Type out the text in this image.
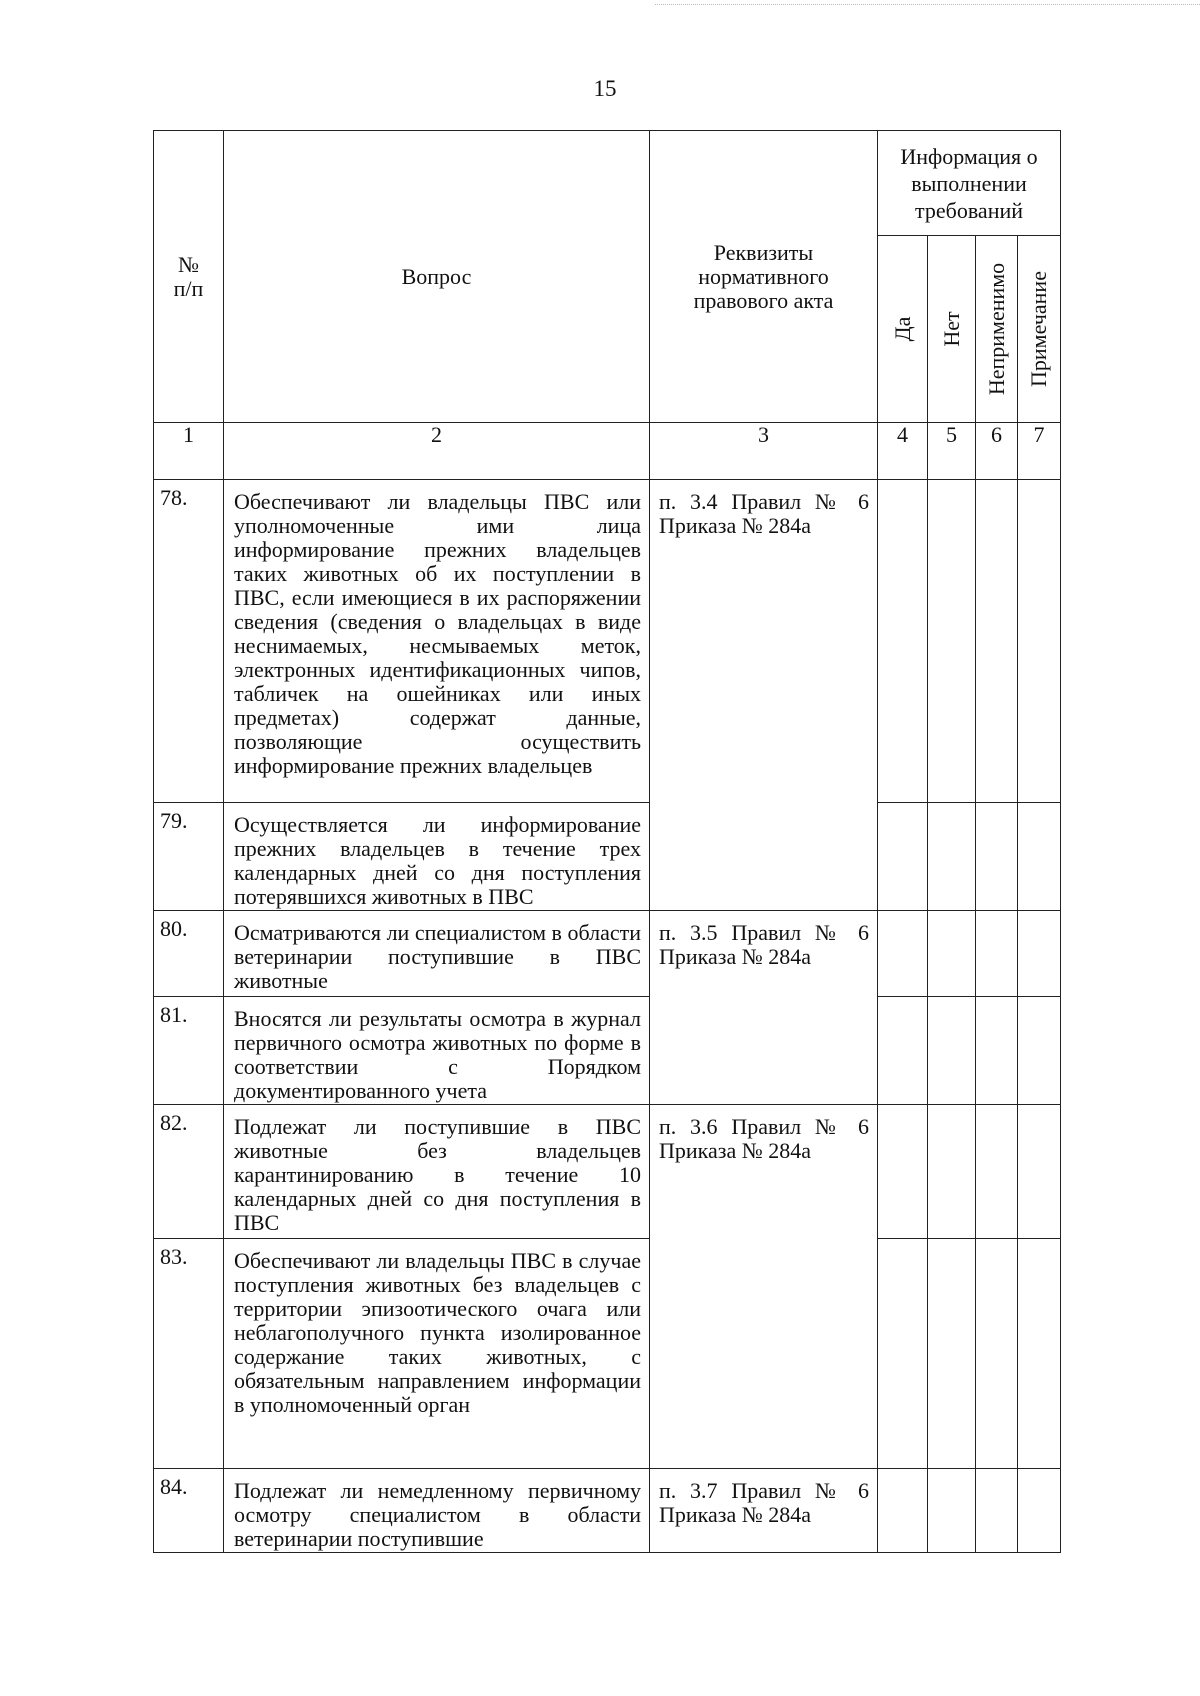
15
№
п/п	Вопрос	Реквизиты нормативного правового акта	Информация о выполнении требований			

			Да	Нет	Неприменимо	Примечание

1	2	3	4	5	6	7
78.	Обеспечивают ли владельцы ПВС или уполномоченные ими лица информирование прежних владельцев таких животных об их поступлении в ПВС, если имеющиеся в их распоряжении сведения (сведения о владельцах в виде неснимаемых, несмываемых меток, электронных идентификационных чипов, табличек на ошейниках или иных предметах) содержат данные, позволяющие осуществить информирование прежних владельцев	п. 3.4 Правил № 6 Приказа № 284а				
79.	Осуществляется ли информирование прежних владельцев в течение трех календарных дней со дня поступления потерявшихся животных в ПВС					
80.	Осматриваются ли специалистом в области ветеринарии поступившие в ПВС животные	п. 3.5 Правил № 6 Приказа № 284а				
81.	Вносятся ли результаты осмотра в журнал первичного осмотра животных по форме в соответствии с Порядком документированного учета					
82.	Подлежат ли поступившие в ПВС животные без владельцев карантинированию в течение 10 календарных дней со дня поступления в ПВС	п. 3.6 Правил № 6 Приказа № 284а				
83.	Обеспечивают ли владельцы ПВС в случае поступления животных без владельцев с территории эпизоотического очага или неблагополучного пункта изолированное содержание таких животных, с обязательным направлением информации в уполномоченный орган					
84.	Подлежат ли немедленному первичному осмотру специалистом в области ветеринарии поступившие	п. 3.7 Правил № 6 Приказа № 284а				
